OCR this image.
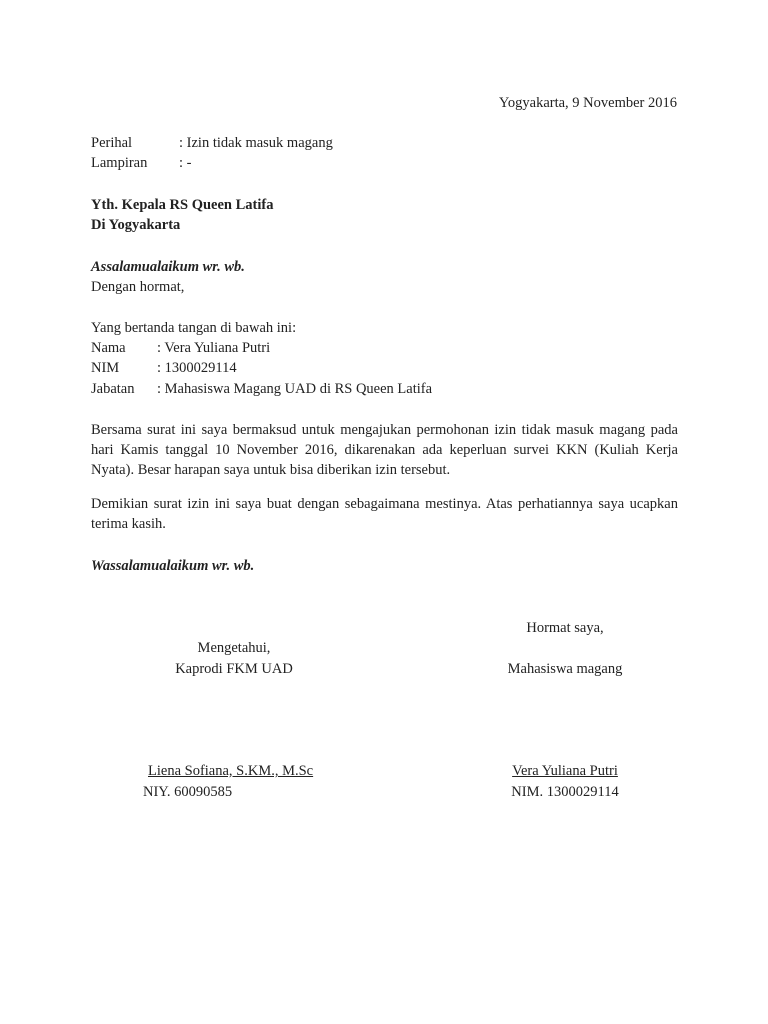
Yogyakarta, 9 November 2016
Perihal	: Izin tidak masuk magang
Lampiran : -
Yth. Kepala RS Queen Latifa
Di Yogyakarta
Assalamualaikum wr. wb.
Dengan hormat,
Yang bertanda tangan di bawah ini:
Nama : Vera Yuliana Putri
NIM	: 1300029114
Jabatan : Mahasiswa Magang UAD di RS Queen Latifa
Bersama surat ini saya bermaksud untuk mengajukan permohonan izin tidak masuk magang pada
hari Kamis tanggal 10 November 2016, dikarenakan ada keperluan survei KKN (Kuliah Kerja
Nyata). Besar harapan saya untuk bisa diberikan izin tersebut.
Demikian surat izin ini saya buat dengan sebagaimana mestinya. Atas perhatiannya saya ucapkan
terima kasih.
Wassalamualaikum wr. wb.
Hormat saya,
Mahasiswa magang
Vera Yuliana Putri
NIM. 1300029114
Mengetahui,
Kaprodi FKM UAD
Liena Sofiana, S.KM., M.Sc
NIY. 60090585
